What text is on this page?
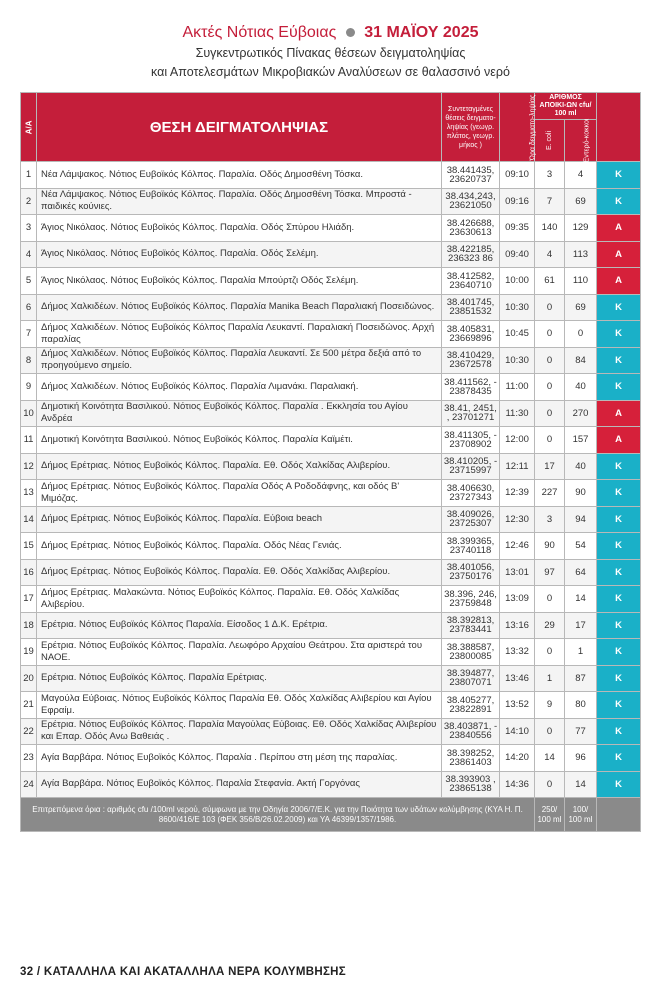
Ακτές Νότιας Εύβοιας 31 ΜΑΪΟΥ 2025
Συγκεντρωτικός Πίνακας θέσεων δειγματοληψίας
και Αποτελεσμάτων Μικροβιακών Αναλύσεων σε θαλασσινό νερό
Α/Α	ΘΕΣΗ ΔΕΙΓΜΑΤΟΛΗΨΙΑΣ	Συντεταγμένες θέσεις δειγματο-ληψίας (γεωγρ. πλάτος, γεωγρ. μήκος )	Ώρα δειγματο-ληψίας	ΑΡΙΘΜΟΣ ΑΠΟΙΚΙ-ΩΝ cfu/ 100 ml		ΚΑΤΑΛΛΗΛΑ (Κ) ΑΚΑΤΑΛΛΗΛΑ (Α)
				E. coli	Εντερό-κοκκοι	
1	Νέα Λάμψακος. Νότιος Ευβοϊκός Κόλπος. Παραλία. Οδός Δημοσθένη Τόσκα.	38.441435, 23620737	09:10	3	4	Κ
2	Νέα Λάμψακος. Νότιος Ευβοϊκός Κόλπος. Παραλία. Οδός Δημοσθένη Τόσκα. Μπροστά - παιδικές κούνιες.	38.434,243, 23621050	09:16	7	69	Κ
3	Άγιος Νικόλαος. Νότιος Ευβοϊκός Κόλπος. Παραλία. Οδός Σπύρου Ηλιάδη.	38.426688, 23630613	09:35	140	129	Α
4	Άγιος Νικόλαος. Νότιος Ευβοϊκός Κόλπος. Παραλία. Οδός Σελέμη.	38.422185, 236323 86	09:40	4	113	Α
5	Άγιος Νικόλαος. Νότιος Ευβοϊκός Κόλπος. Παραλία Μπούρτζι Οδός Σελέμη.	38.412582, 23640710	10:00	61	110	Α
6	Δήμος Χαλκιδέων. Νότιος Ευβοϊκός Κόλπος. Παραλία Manika Beach Παραλιακή Ποσειδώνος.	38.401745, 23851532	10:30	0	69	Κ
7	Δήμος Χαλκιδέων. Νότιος Ευβοϊκός Κόλπος Παραλία Λευκαντί. Παραλιακή Ποσειδώνος. Αρχή παραλίας	38.405831, 23669896	10:45	0	0	Κ
8	Δήμος Χαλκιδέων. Νότιος Ευβοϊκός Κόλπος. Παραλία Λευκαντί. Σε 500 μέτρα δεξιά από το προηγούμενο σημείο.	38.410429, 23672578	10:30	0	84	Κ
9	Δήμος Χαλκιδέων. Νότιος Ευβοϊκός Κόλπος. Παραλία Λιμανάκι. Παραλιακή.	38.411562, - 23878435	11:00	0	40	Κ
10	Δημοτική Κοινότητα Βασιλικού. Νότιος Ευβοϊκός Κόλπος. Παραλία . Εκκλησία του Αγίου Ανδρέα	38.41, 2451, , 23701271	11:30	0	270	Α
11	Δημοτική Κοινότητα Βασιλικού. Νότιος Ευβοϊκός Κόλπος. Παραλία Καϊμέτι.	38.411305, - 23708902	12:00	0	157	Α
12	Δήμος Ερέτριας. Νότιος Ευβοϊκός Κόλπος. Παραλία. Εθ. Οδός Χαλκίδας Αλιβερίου.	38.410205, - 23715997	12:11	17	40	Κ
13	Δήμος Ερέτριας. Νότιος Ευβοϊκός Κόλπος. Παραλία Οδός Α Ροδοδάφνης, και οδός Β' Μιμόζας.	38.406630, 23727343	12:39	227	90	Κ
14	Δήμος Ερέτριας. Νότιος Ευβοϊκός Κόλπος. Παραλία. Εύβοια beach	38.409026, 23725307	12:30	3	94	Κ
15	Δήμος Ερέτριας. Νότιος Ευβοϊκός Κόλπος. Παραλία. Οδός Νέας Γενιάς.	38.399365, 23740118	12:46	90	54	Κ
16	Δήμος Ερέτριας. Νότιος Ευβοϊκός Κόλπος. Παραλία. Εθ. Οδός Χαλκίδας Αλιβερίου.	38.401056, 23750176	13:01	97	64	Κ
17	Δήμος Ερέτριας. Μαλακώντα. Νότιος Ευβοϊκός Κόλπος. Παραλία. Εθ. Οδός Χαλκίδας Αλιβερίου.	38.396, 246, 23759848	13:09	0	14	Κ
18	Ερέτρια. Νότιος Ευβοϊκός Κόλπος Παραλία. Είσοδος 1 Δ.Κ. Ερέτρια.	38.392813, 23783441	13:16	29	17	Κ
19	Ερέτρια. Νότιος Ευβοϊκός Κόλπος. Παραλία. Λεωφόρο Αρχαίου Θεάτρου. Στα αριστερά του ΝΑΟΕ.	38.388587, 23800085	13:32	0	1	Κ
20	Ερέτρια. Νότιος Ευβοϊκός Κόλπος. Παραλία Ερέτριας.	38.394877, 23807071	13:46	1	87	Κ
21	Μαγούλα Εύβοιας. Νότιος Ευβοϊκός Κόλπος Παραλία Εθ. Οδός Χαλκίδας Αλιβερίου και Αγίου Εφραίμ.	38.405277, 23822891	13:52	9	80	Κ
22	Ερέτρια. Νότιος Ευβοϊκός Κόλπος. Παραλία Μαγούλας Εύβοιας. Εθ. Οδός Χαλκίδας Αλιβερίου και Επαρ. Οδός Ανω Βαθειάς .	38.403871, - 23840556	14:10	0	77	Κ
23	Αγία Βαρβάρα. Νότιος Ευβοϊκός Κόλπος. Παραλία . Περίπου στη μέση της παραλίας.	38.398252, 23861403	14:20	14	96	Κ
24	Αγία Βαρβάρα. Νότιος Ευβοϊκός Κόλπος. Παραλία Στεφανία. Ακτή Γοργόνας	38.393903 , 23865138	14:36	0	14	Κ
Επιτρεπόμενα όρια : αριθμός cfu /100ml νερού, σύμφωνα με την Οδηγία 2006/7/Ε.Κ. για την Ποιότητα των υδάτων κολύμβησης (ΚΥΑ Η. Π. 8600/416/Ε 103 (ΦΕΚ 356/Β/26.02.2009) και ΥΑ 46399/1357/1986.				250/ 100 ml	100/ 100 ml	
32 / ΚΑΤΑΛΛΗΛΑ ΚΑΙ ΑΚΑΤΑΛΛΗΛΑ ΝΕΡΑ ΚΟΛΥΜΒΗΣΗΣ
